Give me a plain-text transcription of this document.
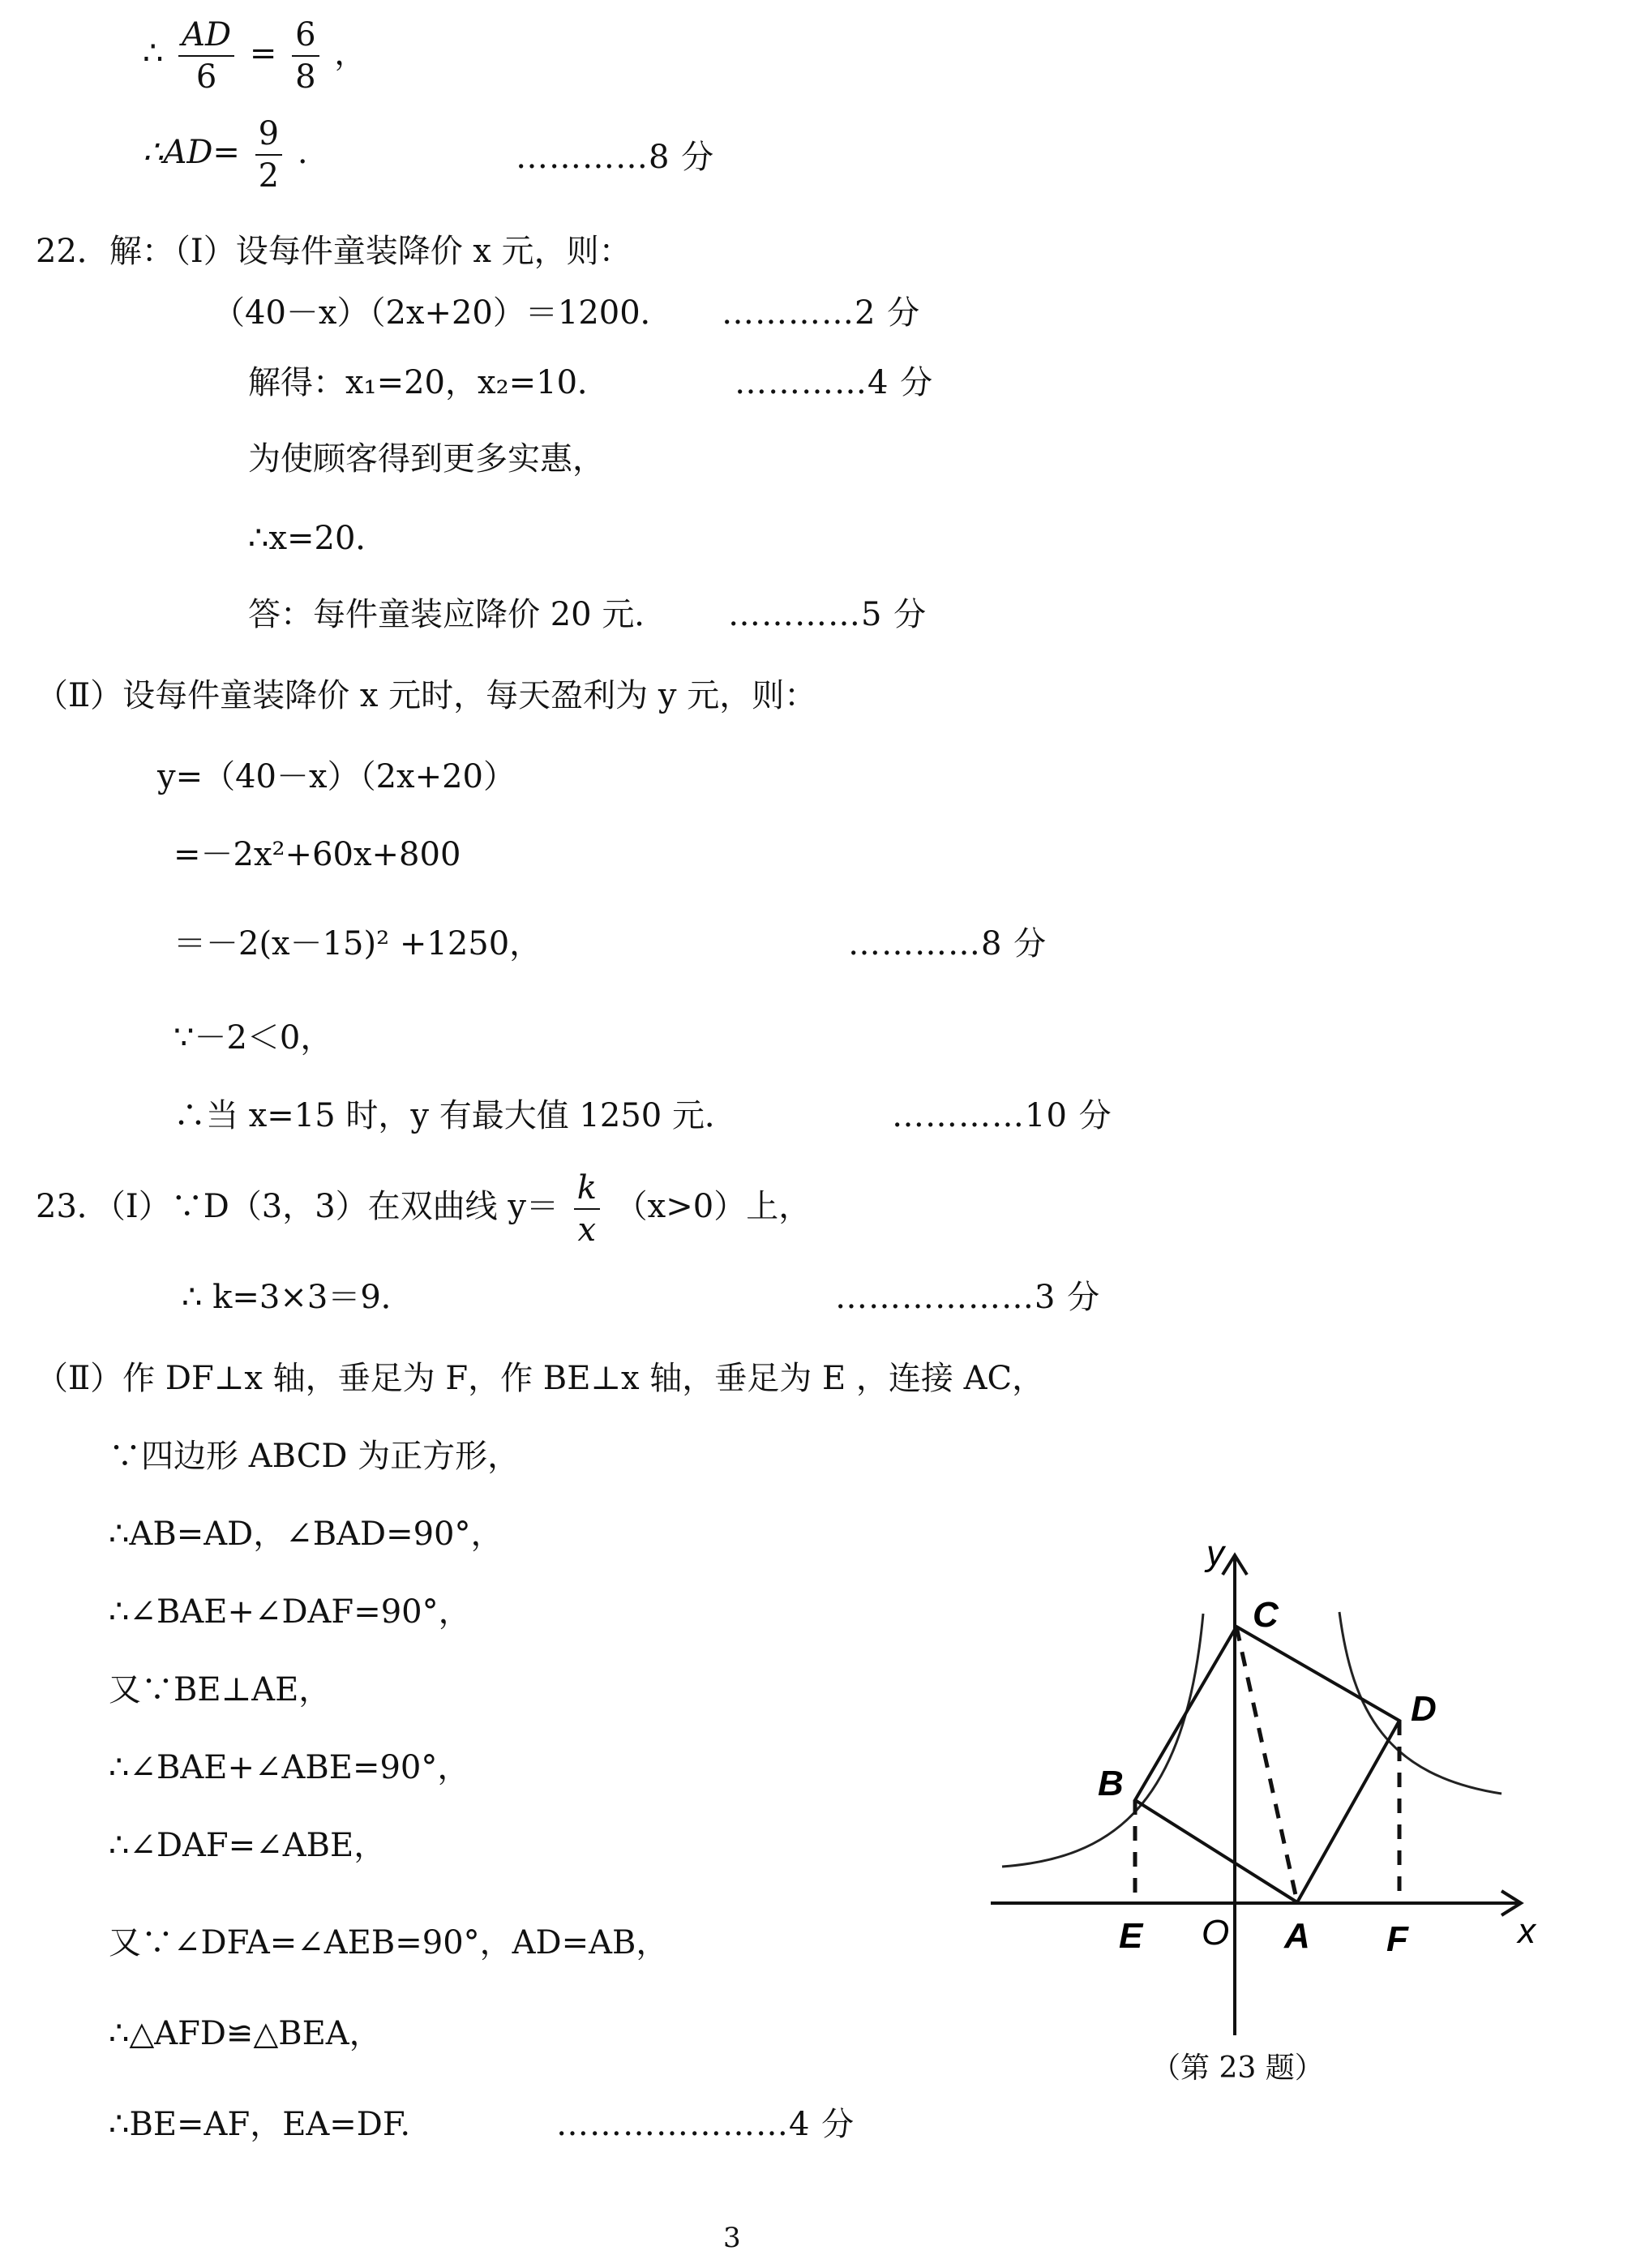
∴ $\frac{AD}{6} = \frac{6}{8}$ ，
∴AD= $\frac{9}{2}$ .	…………8 分
22．解：（Ⅰ）设每件童装降价 x 元，则：
（40－x）（2x+20）＝1200． …………2 分
解得：x₁=20，x₂=10．	…………4 分
为使顾客得到更多实惠，
∴x=20．
答：每件童装应降价 20 元． …………5 分
（Ⅱ）设每件童装降价 x 元时，每天盈利为 y 元，则：
y=（40－x）（2x+20）
=－2x²+60x+800
＝－2(x－15)² +1250，	…………8 分
∵－2＜0，
∴当 x=15 时，y 有最大值 1250 元．	…………10 分
23．（Ⅰ）∵D（3，3）在双曲线 $y= \frac{k}{x} (x>0)$上，
∴ k=3×3＝9．	………………3 分
（Ⅱ）作 DF⊥x 轴，垂足为 F，作 BE⊥x 轴，垂足为 E ，连接 AC，
∵四边形 ABCD 为正方形，
∴AB=AD，∠BAD=90°，
∴∠BAE+∠DAF=90°，
又∵BE⊥AE，
∴∠BAE+∠ABE=90°，
∴∠DAF=∠ABE，
又∵∠DFA=∠AEB=90°，AD=AB，
∴△AFD≌△BEA，
∴BE=AF，EA=DF.	…………………4 分
y
C
D
B
E O A F	x
（第 23 题）
3
